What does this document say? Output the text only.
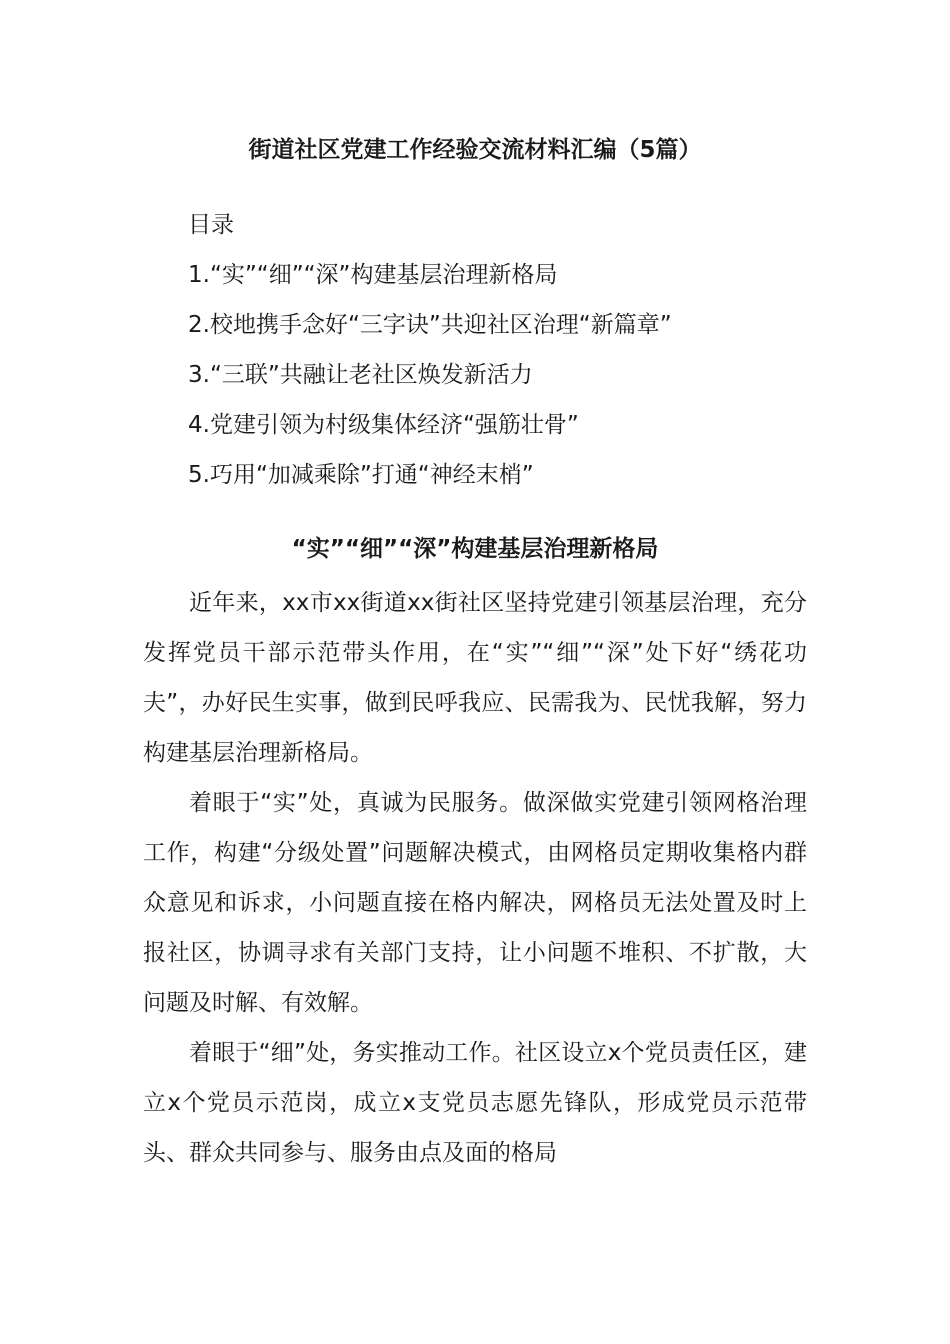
街道社区党建工作经验交流材料汇编（5篇）
目录
1.“实”“细”“深”构建基层治理新格局
2.校地携手念好“三字诀”共迎社区治理“新篇章”
3.“三联”共融让老社区焕发新活力
4.党建引领为村级集体经济“强筋壮骨”
5.巧用“加减乘除”打通“神经末梢”
“实”“细”“深”构建基层治理新格局

近年来，xx市xx街道xx街社区坚持党建引领基层治理，充分发挥党员干部示范带头作用，在“实”“细”“深”处下好“绣花功夫”，办好民生实事，做到民呼我应、民需我为、民忧我解，努力构建基层治理新格局。

着眼于“实”处，真诚为民服务。做深做实党建引领网格治理工作，构建“分级处置”问题解决模式，由网格员定期收集格内群众意见和诉求，小问题直接在格内解决，网格员无法处置及时上报社区，协调寻求有关部门支持，让小问题不堆积、不扩散，大问题及时解、有效解。

着眼于“细”处，务实推动工作。社区设立x个党员责任区，建立x个党员示范岗，成立x支党员志愿先锋队，形成党员示范带头、群众共同参与、服务由点及面的格局
